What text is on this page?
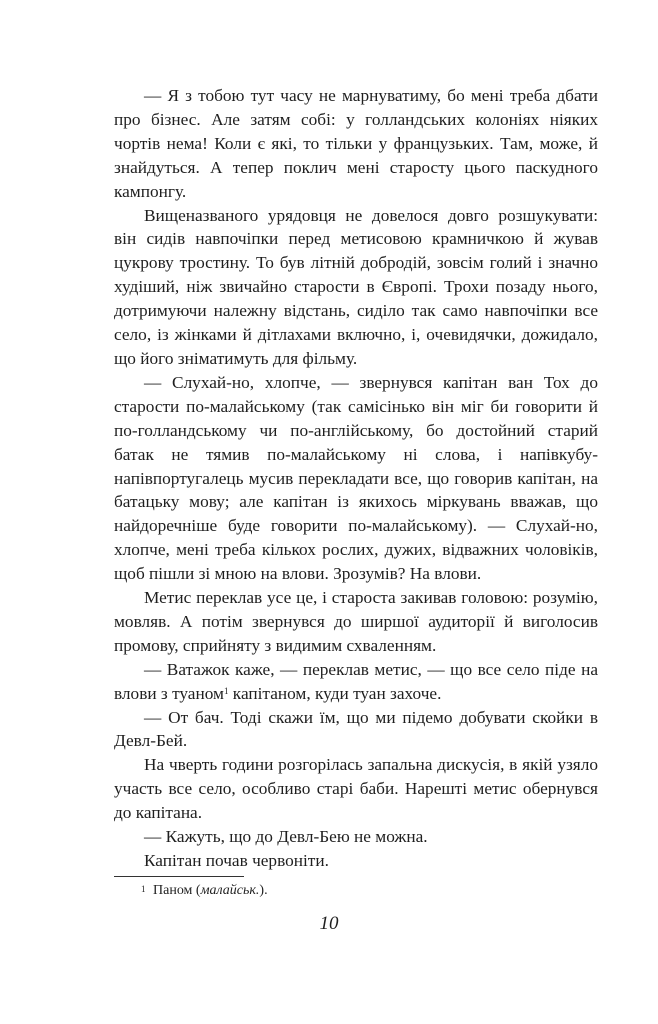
— Я з тобою тут часу не марнуватиму, бо мені треба дбати про бізнес. Але затям собі: у голландських колоніях ніяких чортів нема! Коли є які, то тільки у французьких. Там, може, й знайдуться. А тепер поклич мені старосту цього паскудного кампонгу.

Вищеназваного урядовця не довелося довго розшукувати: він сидів навпочіпки перед метисовою крамничкою й жував цукрову тростину. То був літній добродій, зовсім голий і значно худіший, ніж звичайно старости в Європі. Трохи позаду нього, дотримуючи належну відстань, сиділо так само навпочіпки все село, із жінками й дітлахами включно, і, очевидячки, дожидало, що його зніматимуть для фільму.

— Слухай-но, хлопче, — звернувся капітан ван Тох до старости по-малайському (так самісінько він міг би говорити й по-голландському чи по-англійському, бо достойний старий батак не тямив по-малайському ні слова, і напівкубу-напівпортугалець мусив перекладати все, що говорив капітан, на батацьку мову; але капітан із якихось міркувань вважав, що найдоречніше буде говорити по-малайському). — Слухай-но, хлопче, мені треба кількох рослих, дужих, відважних чоловіків, щоб пішли зі мною на влови. Зрозумів? На влови.

Метис переклав усе це, і староста закивав головою: розумію, мовляв. А потім звернувся до ширшої аудиторії й виголосив промову, сприйняту з видимим схваленням.

— Ватажок каже, — переклав метис, — що все село піде на влови з туаном$^1$ капітаном, куди туан захоче.

— От бач. Тоді скажи їм, що ми підемо добувати скойки в Девл-Бей.

На чверть години розгорілась запальна дискусія, в якій узяло участь все село, особливо старі баби. Нарешті метис обернувся до капітана.

— Кажуть, що до Девл-Бею не можна.

Капітан почав червоніти.

$^1$ Паном (малайськ.).
10
